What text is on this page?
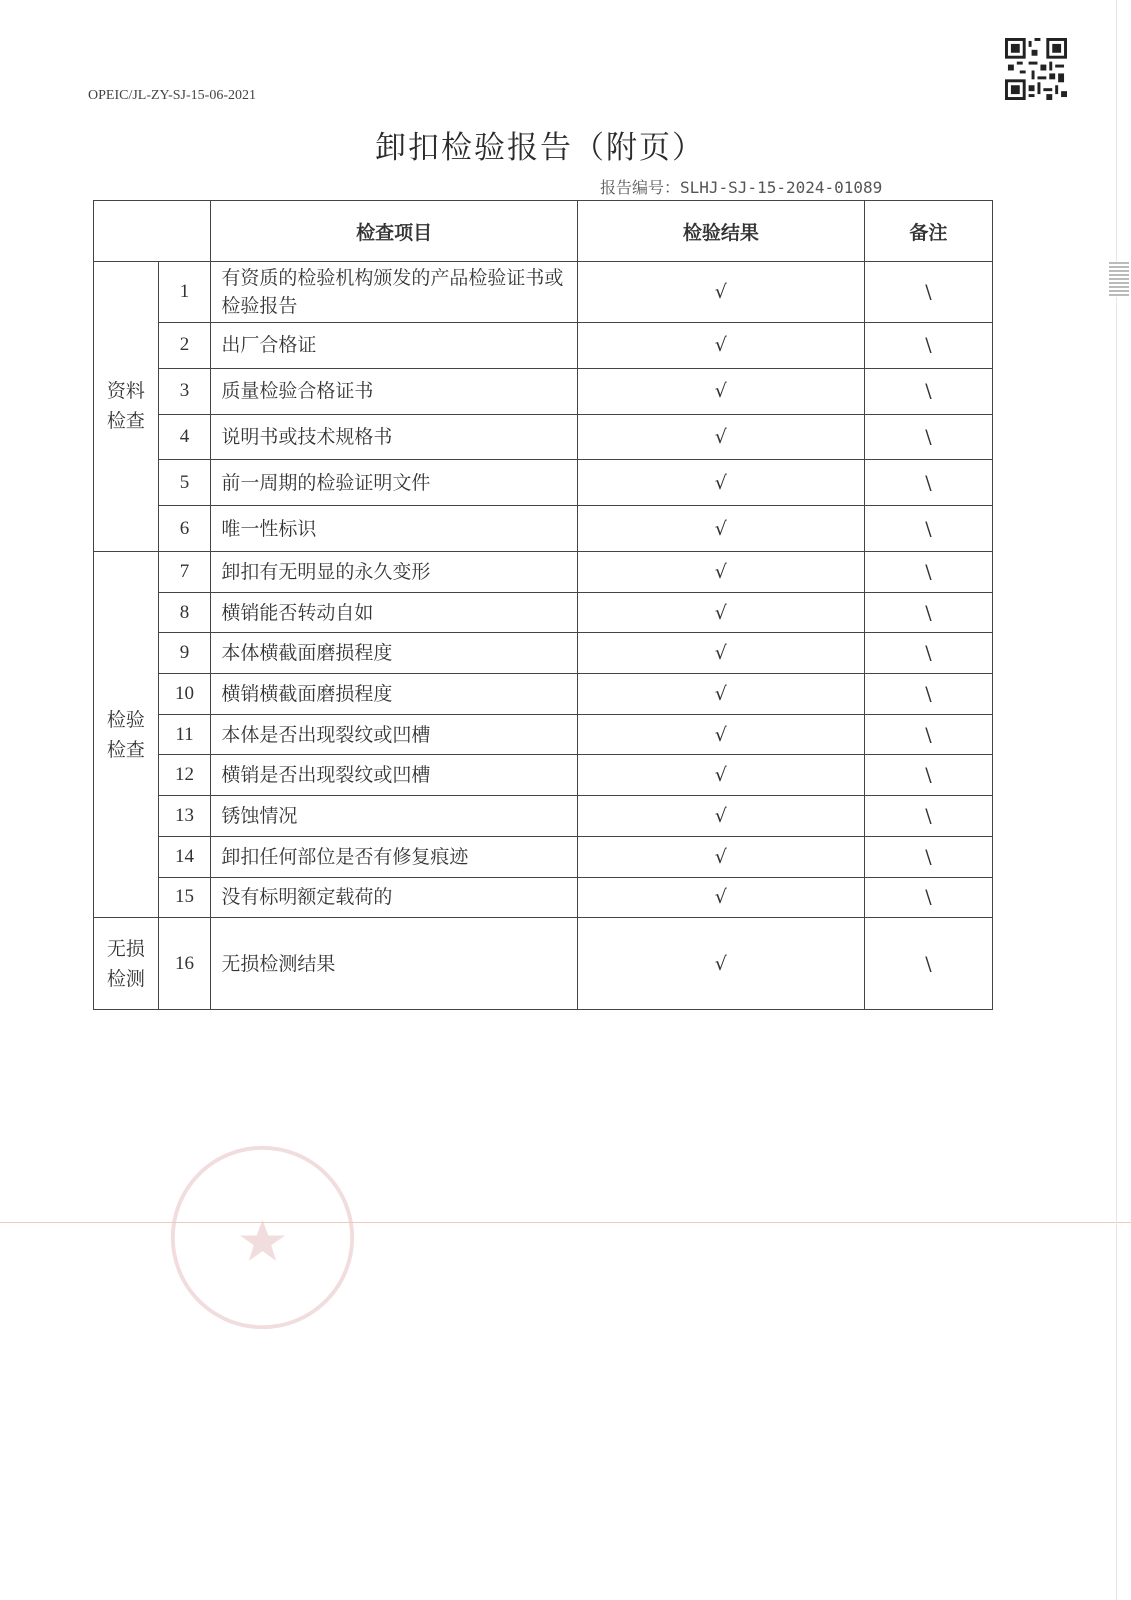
OPEIC/JL-ZY-SJ-15-06-2021
卸扣检验报告（附页）
报告编号：SLHJ-SJ-15-2024-01089
		检查项目	检验结果	备注
资料
检查	1	有资质的检验机构颁发的产品检验证书或检验报告	√	\
	2	出厂合格证	√	\
	3	质量检验合格证书	√	\
	4	说明书或技术规格书	√	\
	5	前一周期的检验证明文件	√	\
	6	唯一性标识	√	\
检验
检查	7	卸扣有无明显的永久变形	√	\
	8	横销能否转动自如	√	\
	9	本体横截面磨损程度	√	\
	10	横销横截面磨损程度	√	\
	11	本体是否出现裂纹或凹槽	√	\
	12	横销是否出现裂纹或凹槽	√	\
	13	锈蚀情况	√	\
	14	卸扣任何部位是否有修复痕迹	√	\
	15	没有标明额定载荷的	√	\
无损
检测	16	无损检测结果	√	\
